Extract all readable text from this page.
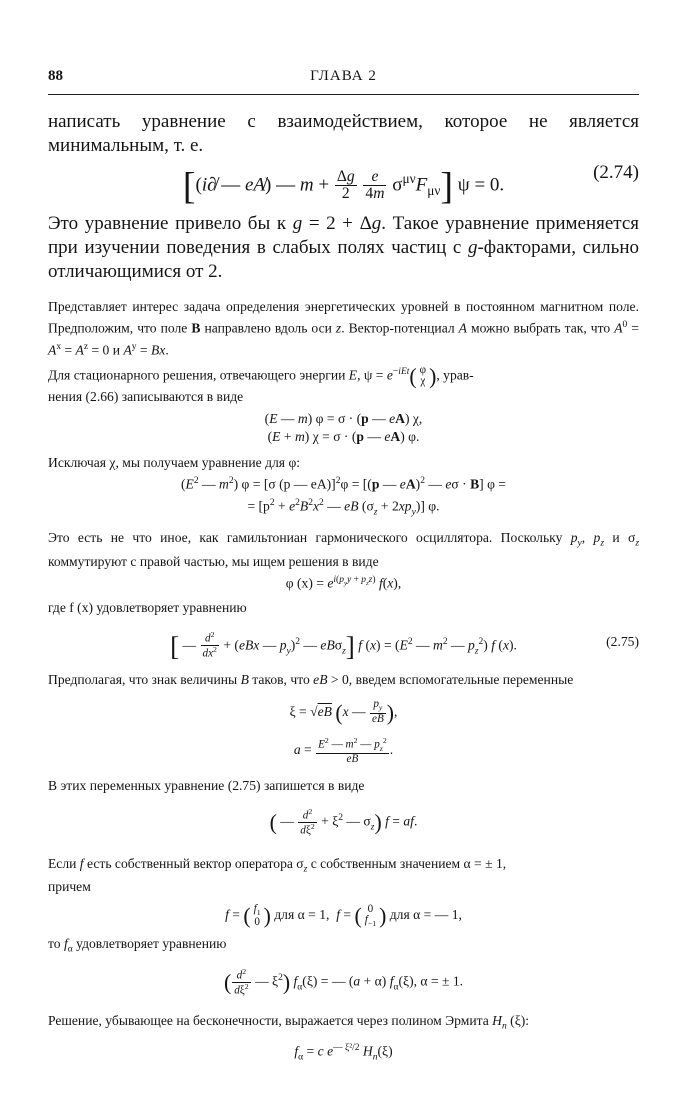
88	ГЛАВА 2

написать уравнение с взаимодействием, которое не является минимальным, т. е.

[(i∂̸ — eA̸) — $m + \frac{\Delta g}{2}$
$\frac{e}{4m} \sigma^{\mu\nu}F_{\mu\nu}$] ψ = 0.
(2.74)

Это уравнение привело бы к g = 2 + Δg. Такое уравнение применяется при изучении поведения в слабых полях частиц с g-факторами, сильно отличающимися от 2.

Представляет интерес задача определения энергетических уровней в постоянном магнитном поле. Предположим, что поле B направлено вдоль оси z. Вектор-потенциал A можно выбрать так, что $A^0 = A^x = A^z = 0$ и $A^y = Bx$.

Для стационарного решения, отвечающего энергии E, $\psi = e^{-iEt}$( φ
χ ), урав-

нения (2.66) записываются в виде

(E — m) φ = σ · (p — eA) χ,
(E + m) χ = σ · (p — eA) φ.

Исключая χ, мы получаем уравнение для φ:

($E^2$ — $m^2$) φ = [σ (p — eA)]$^2$φ = [(p — eA)$^2$ — eσ · B] φ =
= [$p^2 + e^2B^2x^2$ — eB $(\sigma_z + 2xp_y)$] φ.

Это есть не что иное, как гамильтониан гармонического осциллятора. Поскольку $p_y$, $p_z$ и $\sigma_z$ коммутируют с правой частью, мы ищем решения в виде

φ $(x) = e^{i(p_yy + p_zz)}$ f(x),

где f (x) удовлетворяет уравнению

[ — $\frac{d^2}{dx^2} + (eBx$ — $p_y)^2$ — eBσ$_z$] f $(x) = (E^2$ — $m^2$ — $p_z^2$) f (x).	(2.75)

Предполагая, что знак величины B таков, что eB > 0, введем вспомогательные переменные

ξ = √eB (x — $\frac{p_y}{eB}$ ),
$a = \frac{E^2 — m^2 — p_z^2}{eB}$ .

В этих переменных уравнение (2.75) запишется в виде

( — $\frac{d^2}{d\xi^2} + \xi^2$ — $\sigma_z$) f = af.

Если f есть собственный вектор оператора $\sigma_z$ с собственным значением α = ± 1,
причем

f = ( $f_1$
0 ) для α = 1,  f = ( 0
$f_{-1}$ ) для α = — 1,

то $f_\alpha$ удовлетворяет уравнению

( $\frac{d^2}{d\xi^2}$ — $\xi^2$) $f_\alpha(\xi)$ = — (a + α) $f_\alpha(\xi)$, α = ± 1.

Решение, убывающее на бесконечности, выражается через полином Эрмита $H_n$ (ξ):

$f_\alpha = c$ $e^{— \xi^2/2}$ $H_n(\xi)$
